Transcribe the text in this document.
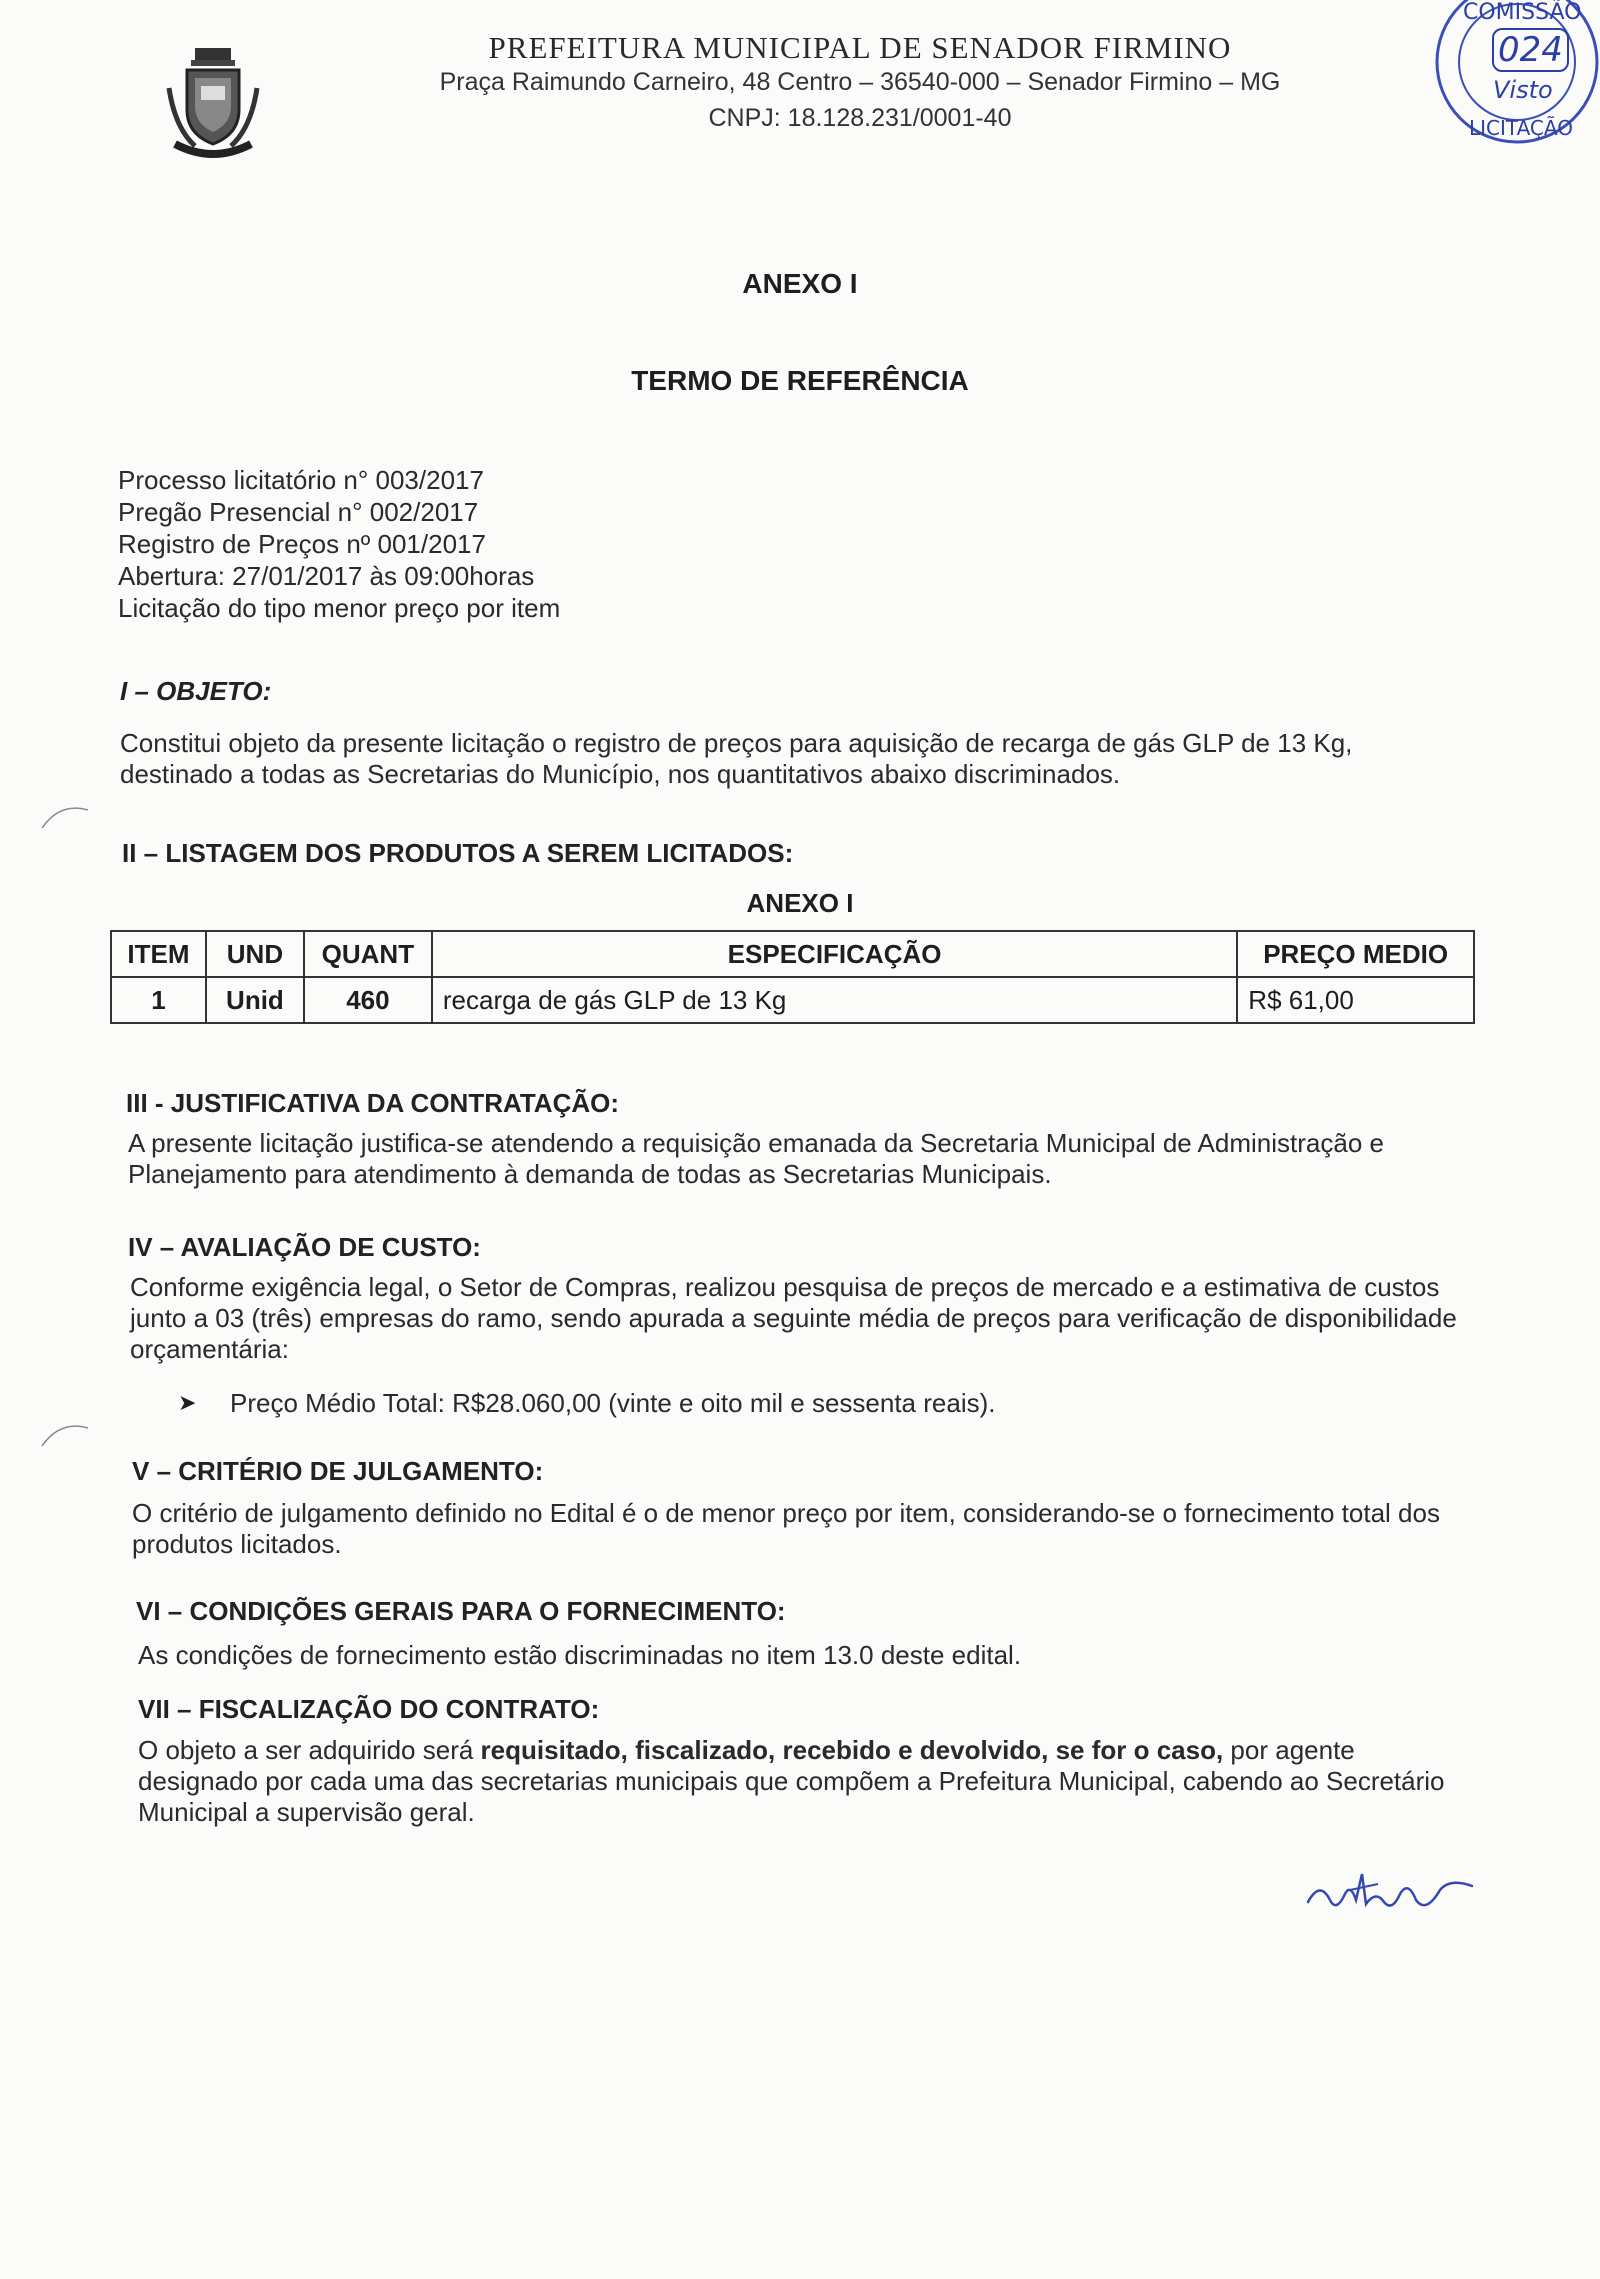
PREFEITURA MUNICIPAL DE SENADOR FIRMINO
Praça Raimundo Carneiro, 48 Centro – 36540-000 – Senador Firmino – MG
CNPJ: 18.128.231/0001-40
COMISSÃO
024
Visto
LICITAÇÃO
ANEXO I
TERMO DE REFERÊNCIA
Processo licitatório n° 003/2017
Pregão Presencial n° 002/2017
Registro de Preços nº 001/2017
Abertura: 27/01/2017 às 09:00horas
Licitação do tipo menor preço por item
I – OBJETO:
Constitui objeto da presente licitação o registro de preços para aquisição de recarga de gás GLP de 13 Kg, destinado a todas as Secretarias do Município, nos quantitativos abaixo discriminados.
II – LISTAGEM DOS PRODUTOS A SEREM LICITADOS:
ANEXO I
ITEM	UND	QUANT	ESPECIFICAÇÃO	PREÇO MEDIO
1	Unid	460	recarga de gás GLP de 13 Kg	R$ 61,00
III - JUSTIFICATIVA DA CONTRATAÇÃO:
A presente licitação justifica-se atendendo a requisição emanada da Secretaria Municipal de Administração e Planejamento para atendimento à demanda de todas as Secretarias Municipais.
IV – AVALIAÇÃO DE CUSTO:
Conforme exigência legal, o Setor de Compras, realizou pesquisa de preços de mercado e a estimativa de custos junto a 03 (três) empresas do ramo, sendo apurada a seguinte média de preços para verificação de disponibilidade orçamentária:
➤ Preço Médio Total: R$28.060,00 (vinte e oito mil e sessenta reais).
V – CRITÉRIO DE JULGAMENTO:
O critério de julgamento definido no Edital é o de menor preço por item, considerando-se o fornecimento total dos produtos licitados.
VI – CONDIÇÕES GERAIS PARA O FORNECIMENTO:
As condições de fornecimento estão discriminadas no item 13.0 deste edital.
VII – FISCALIZAÇÃO DO CONTRATO:
O objeto a ser adquirido será requisitado, fiscalizado, recebido e devolvido, se for o caso, por agente designado por cada uma das secretarias municipais que compõem a Prefeitura Municipal, cabendo ao Secretário Municipal a supervisão geral.
